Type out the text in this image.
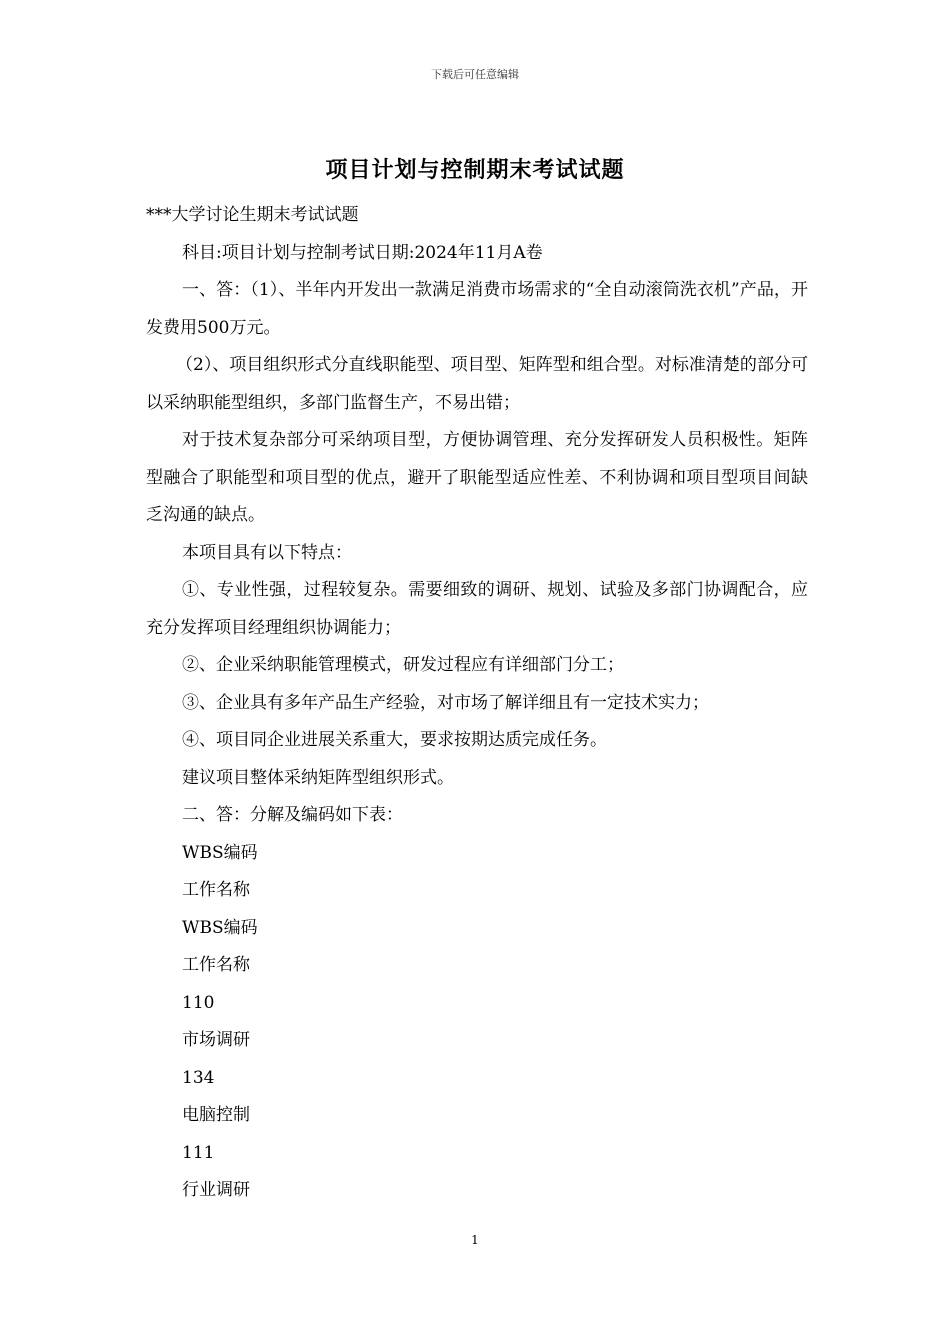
下载后可任意编辑
项目计划与控制期末考试试题

***大学讨论生期末考试试题

科目:项目计划与控制考试日期:2024年11月A卷

一、答：（1）、半年内开发出一款满足消费市场需求的“全自动滚筒洗衣机”产品，开发费用500万元。

（2）、项目组织形式分直线职能型、项目型、矩阵型和组合型。对标准清楚的部分可以采纳职能型组织，多部门监督生产，不易出错；

对于技术复杂部分可采纳项目型，方便协调管理、充分发挥研发人员积极性。矩阵型融合了职能型和项目型的优点，避开了职能型适应性差、不利协调和项目型项目间缺乏沟通的缺点。

本项目具有以下特点：

①、专业性强，过程较复杂。需要细致的调研、规划、试验及多部门协调配合，应充分发挥项目经理组织协调能力；

②、企业采纳职能管理模式，研发过程应有详细部门分工；

③、企业具有多年产品生产经验，对市场了解详细且有一定技术实力；

④、项目同企业进展关系重大，要求按期达质完成任务。

建议项目整体采纳矩阵型组织形式。

二、答：分解及编码如下表：

WBS编码

工作名称

WBS编码

工作名称

110

市场调研

134

电脑控制

111

行业调研

1
